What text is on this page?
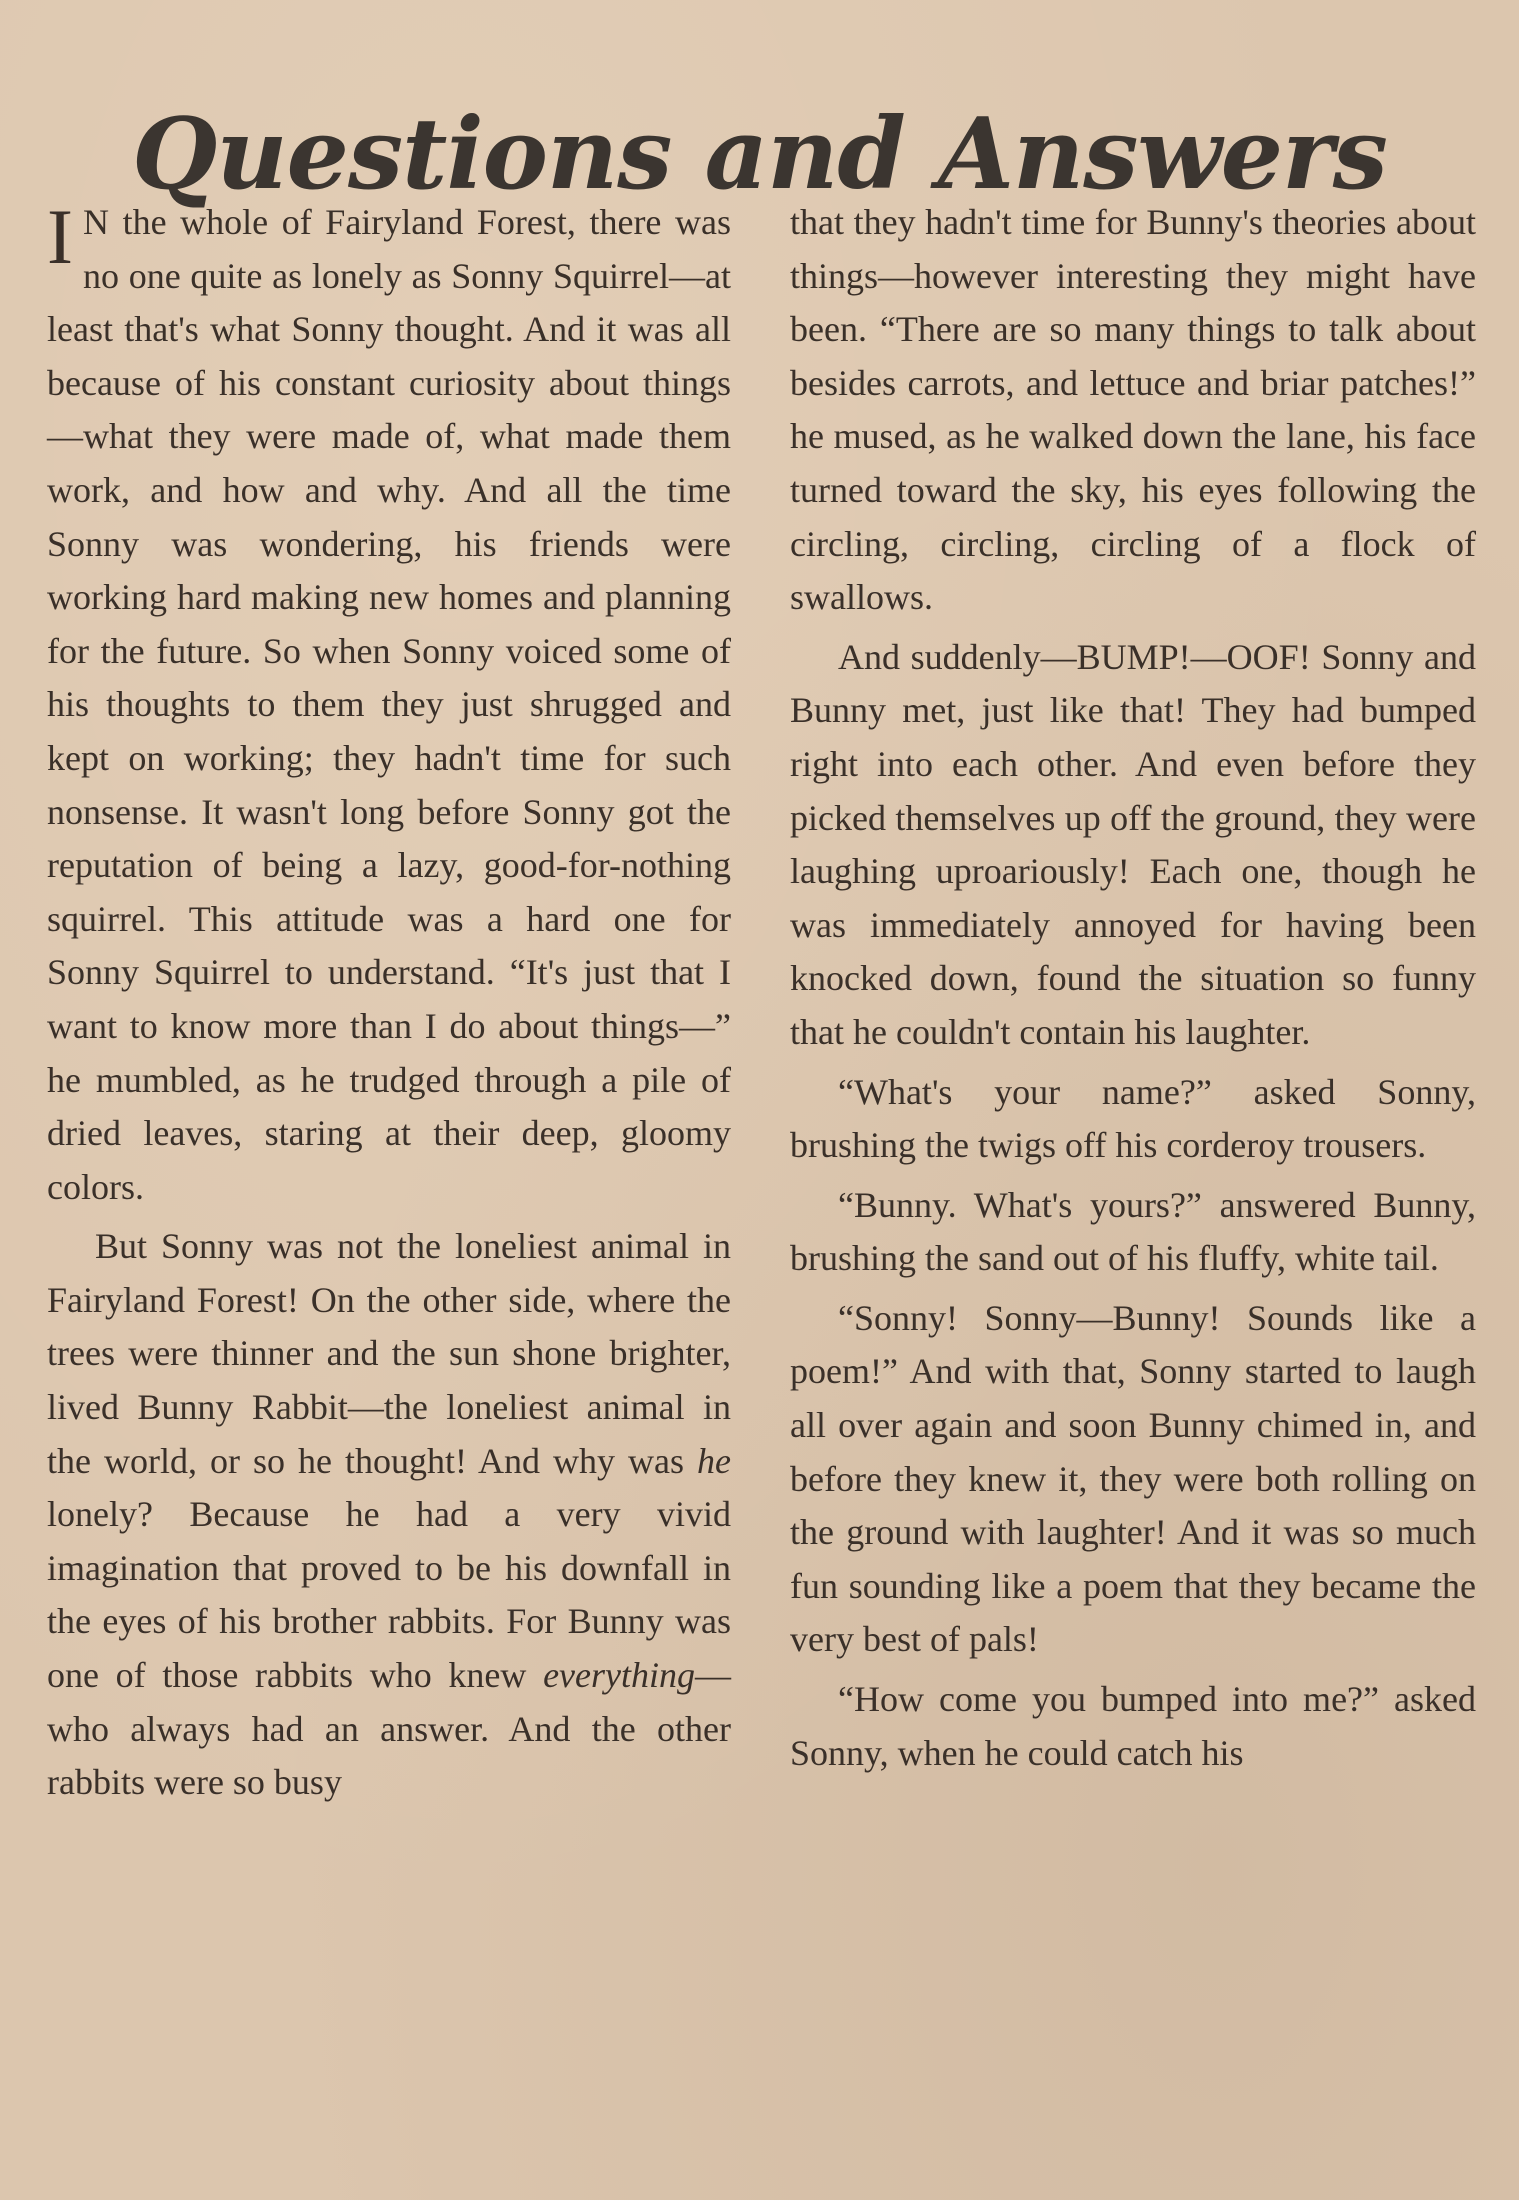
Questions and Answers

I N the whole of Fairyland Forest, there was no one quite as lonely as Sonny Squirrel—at least that's what Sonny thought. And it was all because of his constant curiosity about things —what they were made of, what made them work, and how and why. And all the time Sonny was wondering, his friends were working hard making new homes and planning for the future. So when Sonny voiced some of his thoughts to them they just shrugged and kept on working; they hadn't time for such nonsense. It wasn't long before Sonny got the reputation of being a lazy, good-for-nothing squirrel. This attitude was a hard one for Sonny Squirrel to understand. “It's just that I want to know more than I do about things—” he mumbled, as he trudged through a pile of dried leaves, staring at their deep, gloomy colors.

But Sonny was not the loneliest animal in Fairyland Forest! On the other side, where the trees were thinner and the sun shone brighter, lived Bunny Rabbit—the loneliest animal in the world, or so he thought! And why was he lonely? Because he had a very vivid imagination that proved to be his downfall in the eyes of his brother rabbits. For Bunny was one of those rabbits who knew everything—who always had an answer. And the other rabbits were so busy

that they hadn't time for Bunny's theories about things—however interesting they might have been. “There are so many things to talk about besides carrots, and lettuce and briar patches!” he mused, as he walked down the lane, his face turned toward the sky, his eyes following the circling, circling, circling of a flock of swallows.

And suddenly—BUMP!—OOF! Sonny and Bunny met, just like that! They had bumped right into each other. And even before they picked themselves up off the ground, they were laughing uproariously! Each one, though he was immediately annoyed for having been knocked down, found the situation so funny that he couldn't contain his laughter.

“What's your name?” asked Sonny, brushing the twigs off his corderoy trousers.

“Bunny. What's yours?” answered Bunny, brushing the sand out of his fluffy, white tail.

“Sonny! Sonny—Bunny! Sounds like a poem!” And with that, Sonny started to laugh all over again and soon Bunny chimed in, and before they knew it, they were both rolling on the ground with laughter! And it was so much fun sounding like a poem that they became the very best of pals!

“How come you bumped into me?” asked Sonny, when he could catch his
